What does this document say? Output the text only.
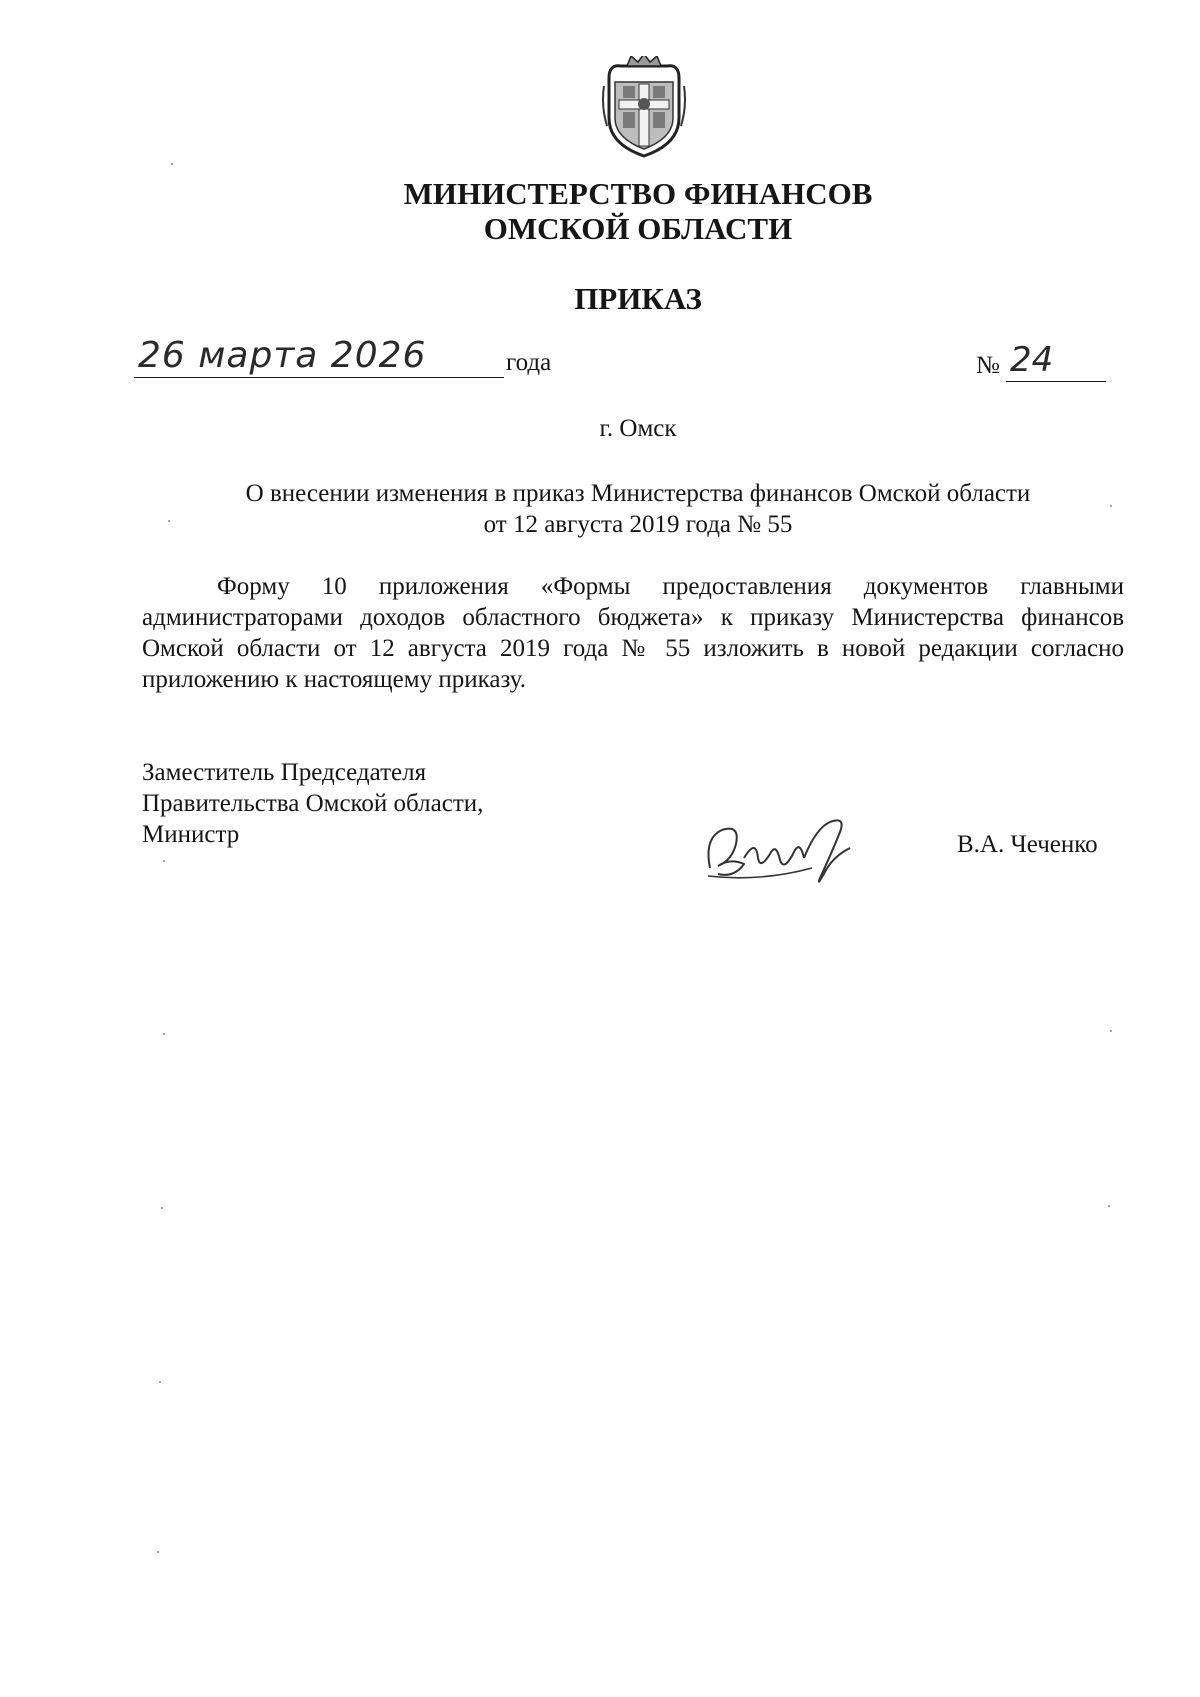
МИНИСТЕРСТВО ФИНАНСОВ
ОМСКОЙ ОБЛАСТИ
ПРИКАЗ
26 марта 2026	года	№ 24
г. Омск
О внесении изменения в приказ Министерства финансов Омской области
от 12 августа 2019 года № 55

Форму 10 приложения «Формы предоставления документов главными администраторами доходов областного бюджета» к приказу Министерства финансов Омской области от 12 августа 2019 года № 55 изложить в новой редакции согласно приложению к настоящему приказу.

Заместитель Председателя
Правительства Омской области,
Министр	В.А. Чеченко
